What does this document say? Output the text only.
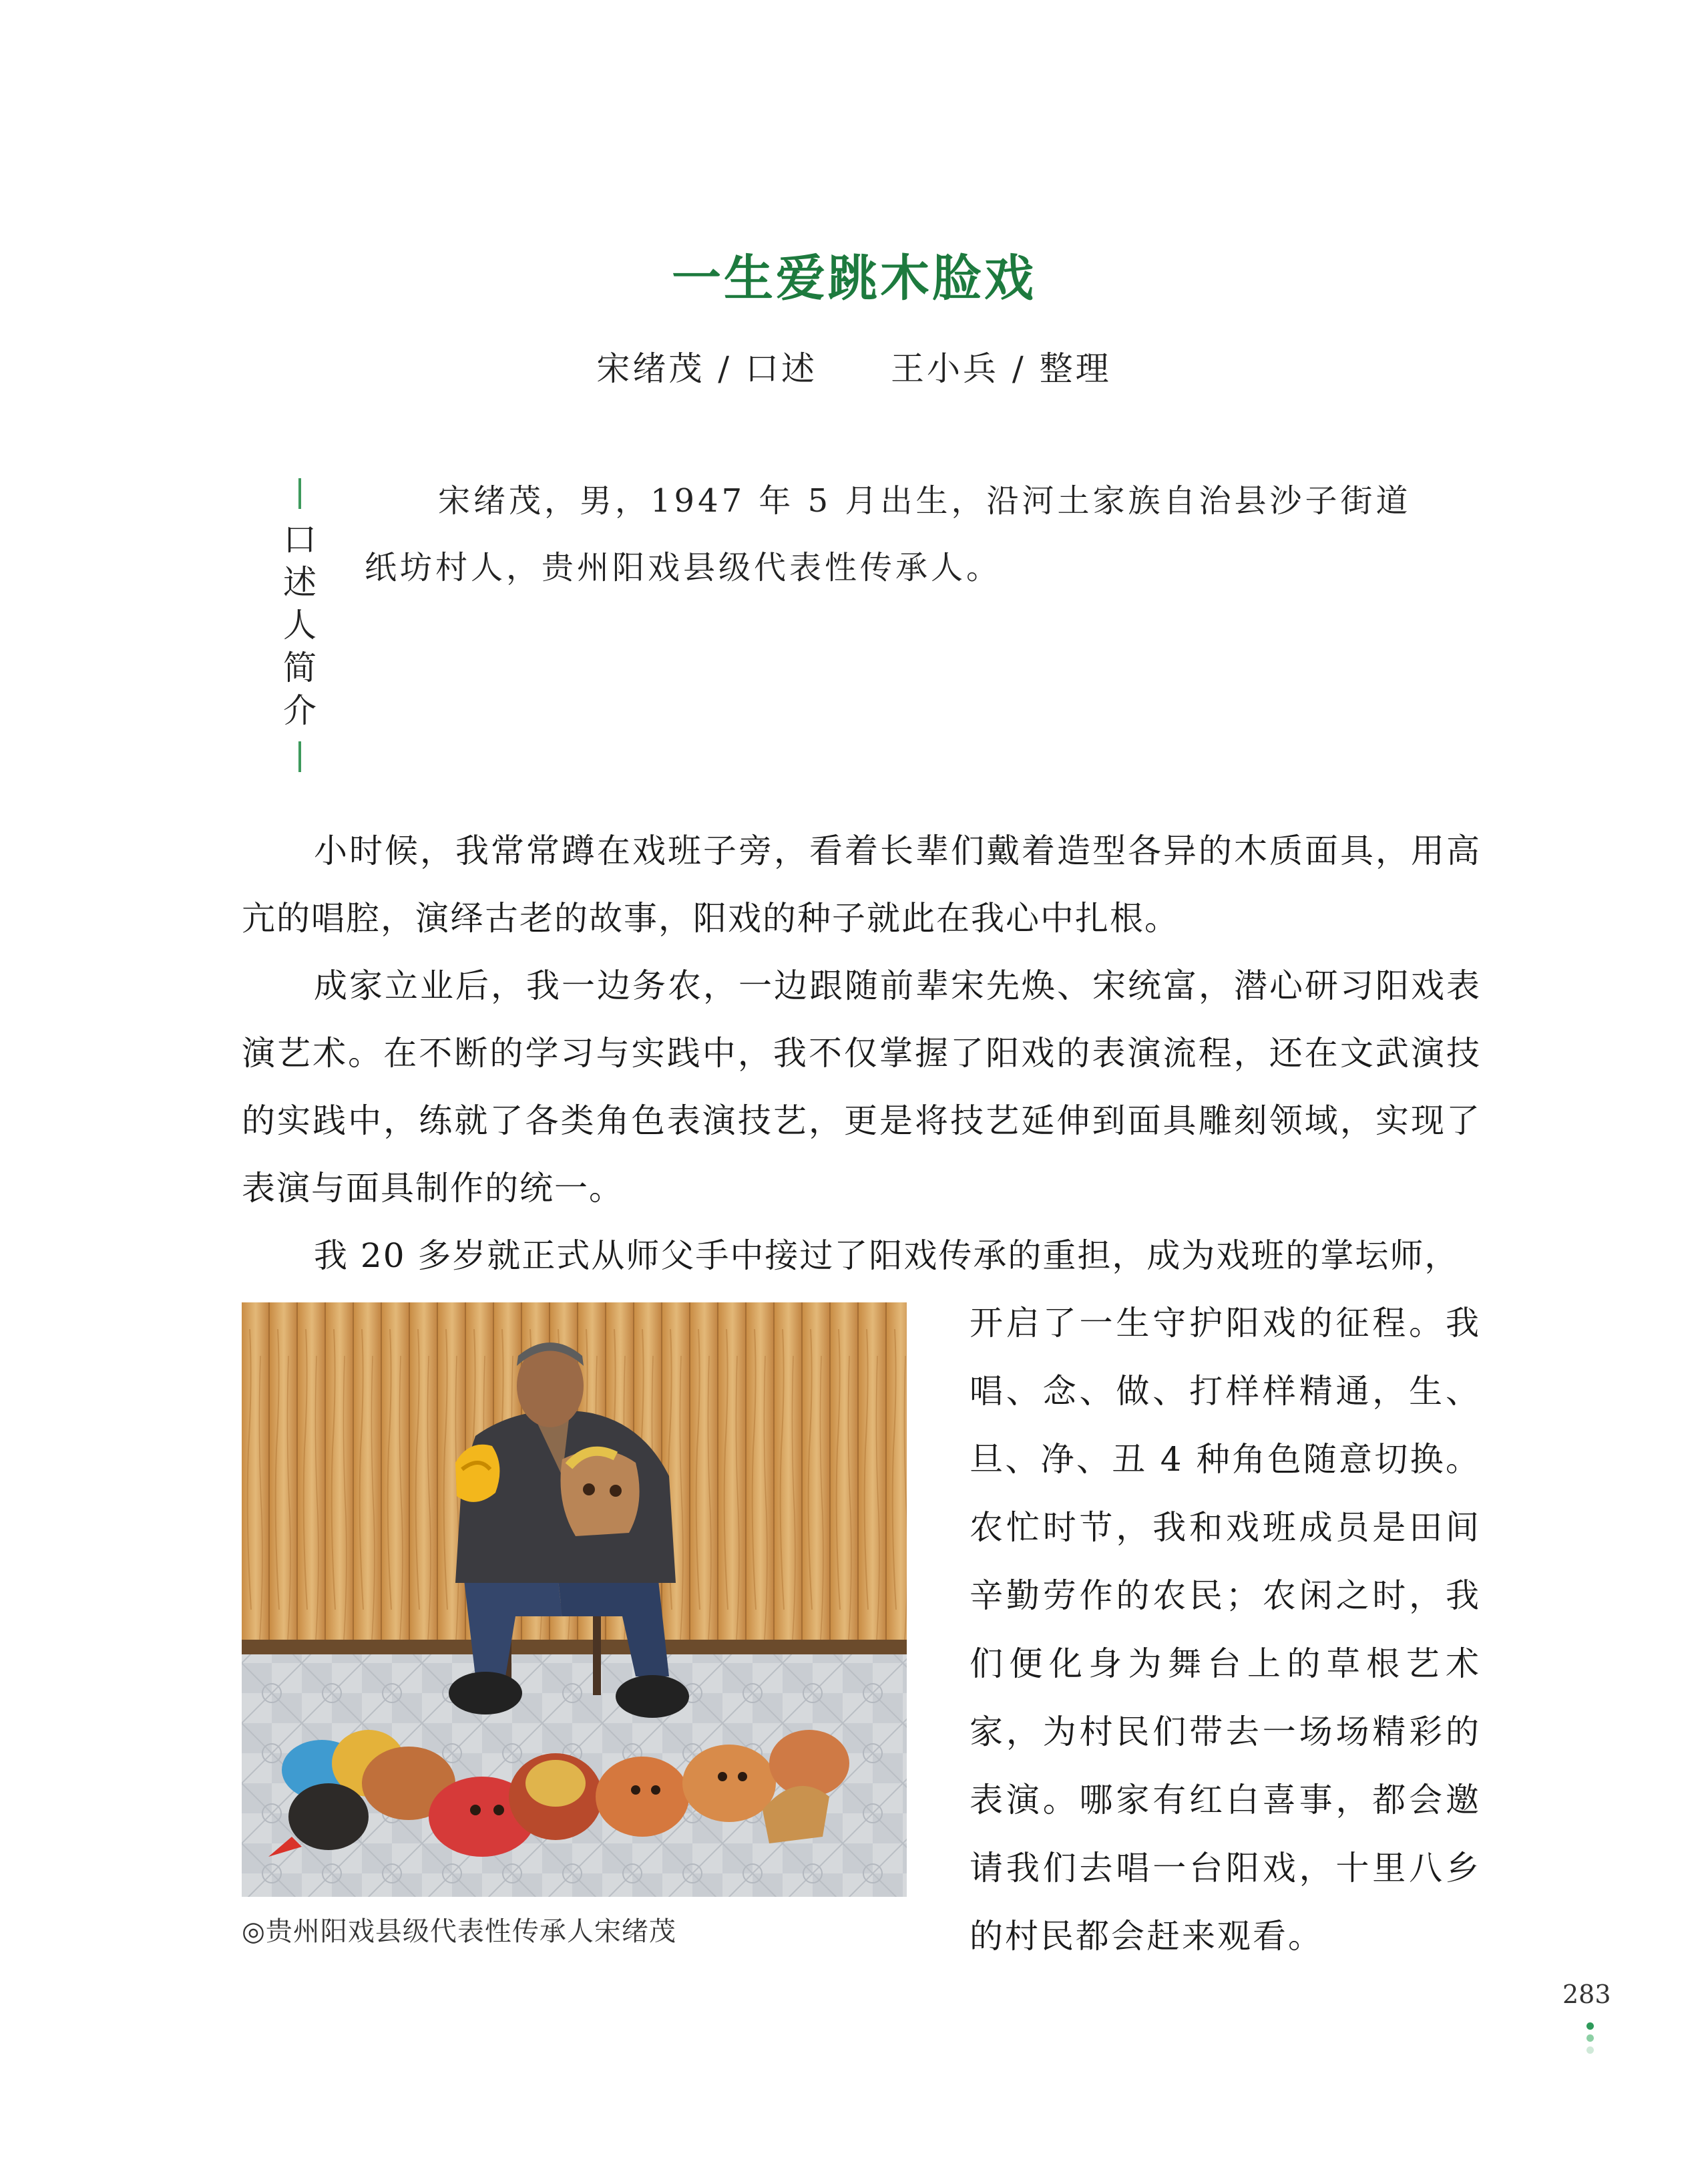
一生爱跳木脸戏
宋绪茂 / 口述 王小兵 / 整理
口述人简介

宋绪茂，男，1947 年 5 月出生，沿河土家族自治县沙子街道纸坊村人，贵州阳戏县级代表性传承人。

小时候，我常常蹲在戏班子旁，看着长辈们戴着造型各异的木质面具，用高亢的唱腔，演绎古老的故事，阳戏的种子就此在我心中扎根。

成家立业后，我一边务农，一边跟随前辈宋先焕、宋统富，潜心研习阳戏表演艺术。在不断的学习与实践中，我不仅掌握了阳戏的表演流程，还在文武演技的实践中，练就了各类角色表演技艺，更是将技艺延伸到面具雕刻领域，实现了表演与面具制作的统一。

我 20 多岁就正式从师父手中接过了阳戏传承的重担，成为戏班的掌坛师，

◎贵州阳戏县级代表性传承人宋绪茂

开启了一生守护阳戏的征程。我唱、念、做、打样样精通，生、旦、净、丑 4 种角色随意切换。农忙时节，我和戏班成员是田间辛勤劳作的农民；农闲之时，我们便化身为舞台上的草根艺术家，为村民们带去一场场精彩的表演。哪家有红白喜事，都会邀请我们去唱一台阳戏，十里八乡的村民都会赶来观看。

283
